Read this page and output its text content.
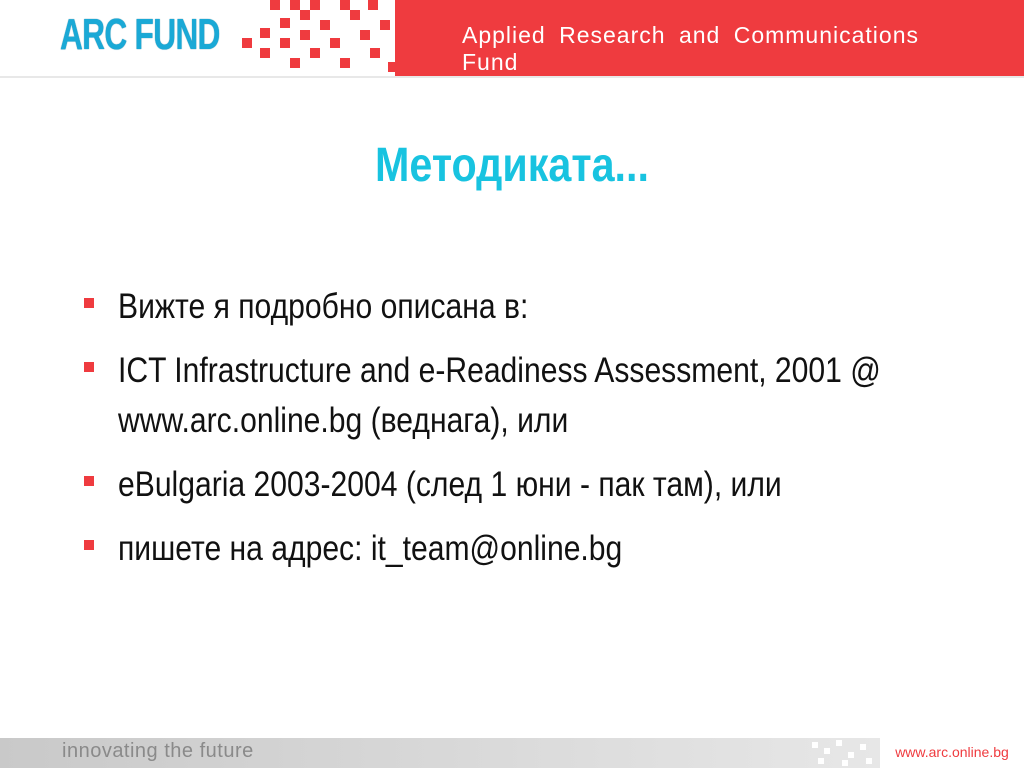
ARC FUND	Applied Research and Communications Fund
Методиката...
Вижте я подробно описана в:
ICT Infrastructure and e-Readiness Assessment, 2001 @ www.arc.online.bg (веднага), или
eBulgaria 2003-2004 (след 1 юни - пак там), или
пишете на адрес: it_team@online.bg
innovating the future	www.arc.online.bg
